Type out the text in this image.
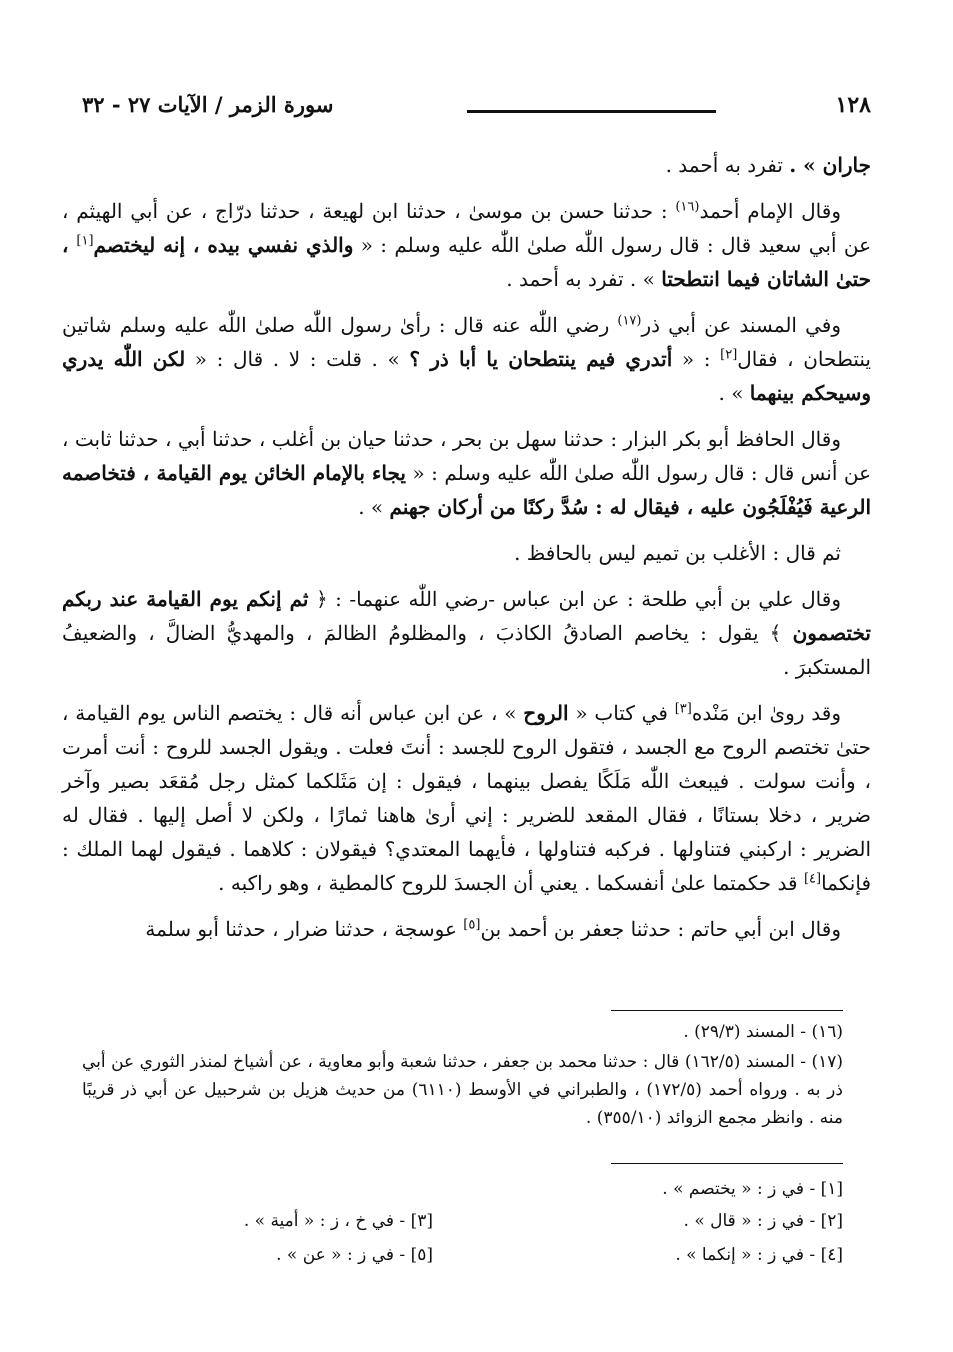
١٢٨
سورة الزمر / الآيات ٢٧ - ٣٢

جاران » . تفرد به أحمد .

وقال الإمام أحمد$^{(١٦)}$ : حدثنا حسن بن موسىٰ ، حدثنا ابن لهيعة ، حدثنا درّاج ، عن أبي الهيثم ، عن أبي سعيد قال : قال رسول اللّٰه صلىٰ اللّٰه عليه وسلم : « والذي نفسي بيده ، إنه ليختصم[١] ، حتىٰ الشاتان فيما انتطحتا » . تفرد به أحمد .

وفي المسند عن أبي ذر$^{(١٧)}$ رضي اللّٰه عنه قال : رأىٰ رسول اللّٰه صلىٰ اللّٰه عليه وسلم شاتين ينتطحان ، فقال[٢] : « أتدري فيم ينتطحان يا أبا ذر ؟ » . قلت : لا . قال : « لكن اللّٰه يدري وسيحكم بينهما » .

وقال الحافظ أبو بكر البزار : حدثنا سهل بن بحر ، حدثنا حيان بن أغلب ، حدثنا أبي ، حدثنا ثابت ، عن أنس قال : قال رسول اللّٰه صلىٰ اللّٰه عليه وسلم : « يجاء بالإمام الخائن يوم القيامة ، فتخاصمه الرعية فَيُفْلَجُون عليه ، فيقال له : سُدَّ ركنًا من أركان جهنم » .

ثم قال : الأغلب بن تميم ليس بالحافظ .

وقال علي بن أبي طلحة : عن ابن عباس -رضي اللّٰه عنهما- : ﴿ ثم إنكم يوم القيامة عند ربكم تختصمون ﴾ يقول : يخاصم الصادقُ الكاذبَ ، والمظلومُ الظالمَ ، والمهديُّ الضالَّ ، والضعيفُ المستكبرَ .

وقد روىٰ ابن مَنْده[٣] في كتاب « الروح » ، عن ابن عباس أنه قال : يختصم الناس يوم القيامة ، حتىٰ تختصم الروح مع الجسد ، فتقول الروح للجسد : أنتَ فعلت . ويقول الجسد للروح : أنت أمرت ، وأنت سولت . فيبعث اللّٰه مَلَكًا يفصل بينهما ، فيقول : إن مَثَلكما كمثل رجل مُقعَد بصير وآخر ضرير ، دخلا بستانًا ، فقال المقعد للضرير : إني أرىٰ هاهنا ثمارًا ، ولكن لا أصل إليها . فقال له الضرير : اركبني فتناولها . فركبه فتناولها ، فأيهما المعتدي؟ فيقولان : كلاهما . فيقول لهما الملك : فإنكما[٤] قد حكمتما علىٰ أنفسكما . يعني أن الجسدَ للروح كالمطية ، وهو راكبه .

وقال ابن أبي حاتم : حدثنا جعفر بن أحمد بن[٥] عوسجة ، حدثنا ضرار ، حدثنا أبو سلمة

(١٦) - المسند (٢٩/٣) .

(١٧) - المسند (١٦٢/٥) قال : حدثنا محمد بن جعفر ، حدثنا شعبة وأبو معاوية ، عن أشياخ لمنذر الثوري عن أبي ذر به . ورواه أحمد (١٧٢/٥) ، والطبراني في الأوسط (٦١١٠) من حديث هزيل بن شرحبيل عن أبي ذر قريبًا منه . وانظر مجمع الزوائد (٣٥٥/١٠) .

[١] - في ز : « يختصم » .
[٢] - في ز : « قال » .
[٣] - في خ ، ز : « أمية » .
[٤] - في ز : « إنكما » .
[٥] - في ز : « عن » .
